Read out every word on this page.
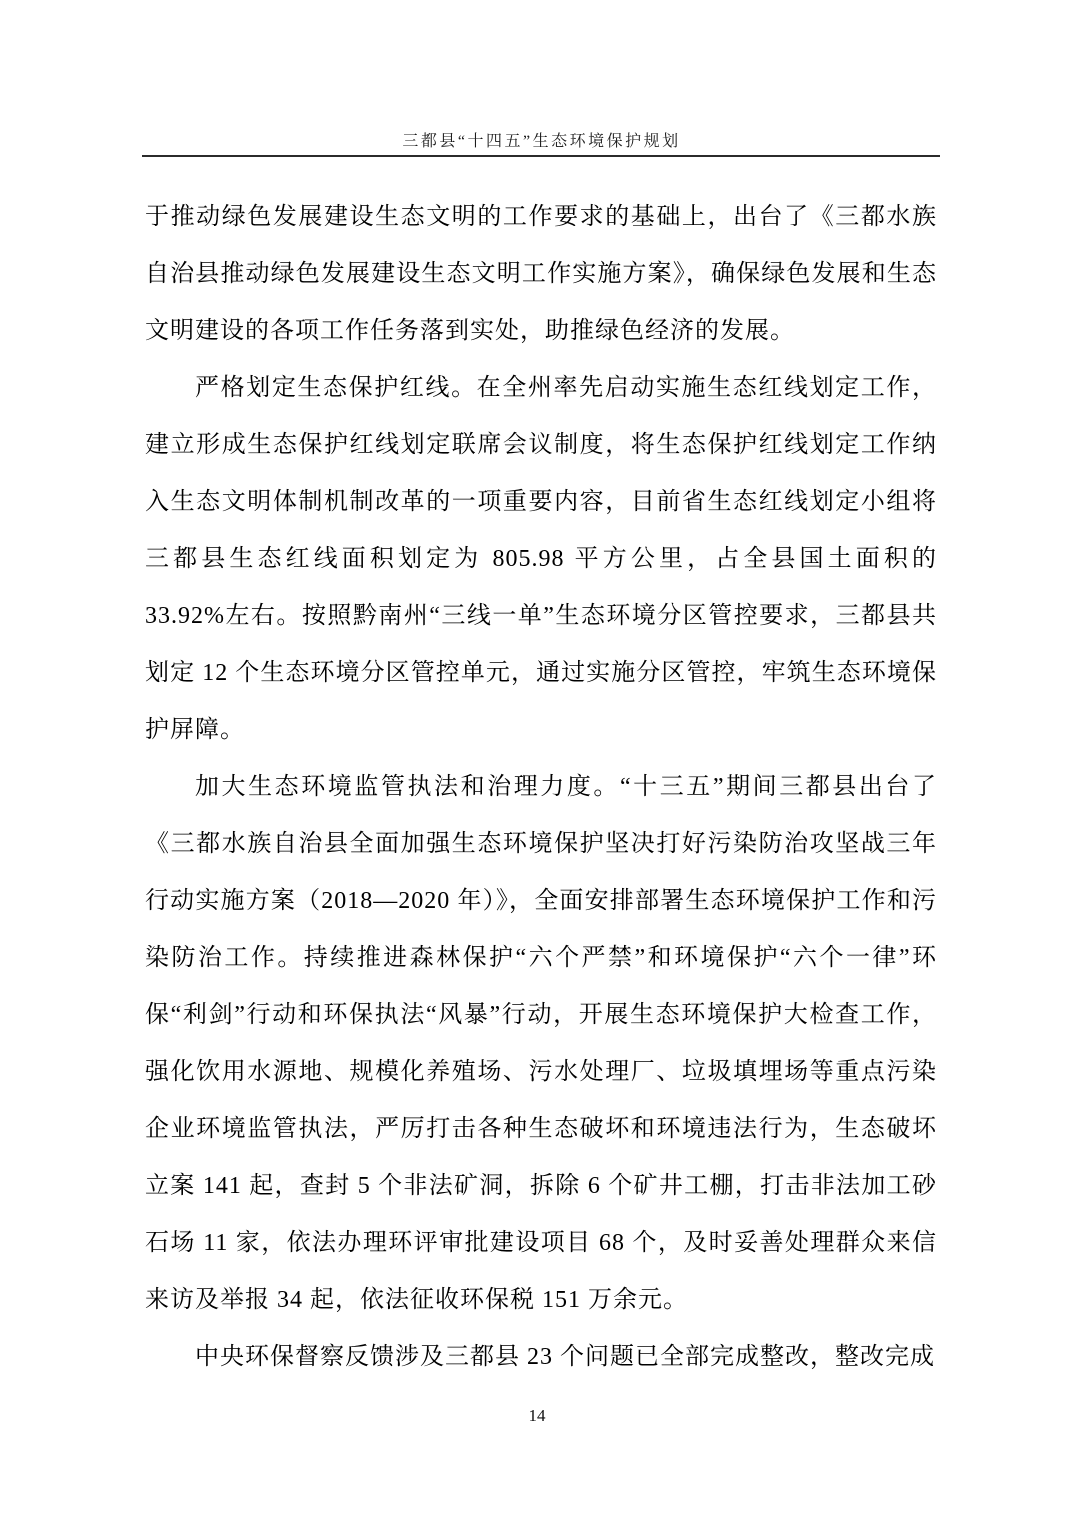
三都县“十四五”生态环境保护规划

于推动绿色发展建设生态文明的工作要求的基础上，出台了《三都水族自治县推动绿色发展建设生态文明工作实施方案》，确保绿色发展和生态文明建设的各项工作任务落到实处，助推绿色经济的发展。

严格划定生态保护红线。在全州率先启动实施生态红线划定工作，建立形成生态保护红线划定联席会议制度，将生态保护红线划定工作纳入生态文明体制机制改革的一项重要内容，目前省生态红线划定小组将三都县生态红线面积划定为 805.98 平方公里，占全县国土面积的 33.92%左右。按照黔南州“三线一单”生态环境分区管控要求，三都县共划定 12 个生态环境分区管控单元，通过实施分区管控，牢筑生态环境保护屏障。

加大生态环境监管执法和治理力度。“十三五”期间三都县出台了《三都水族自治县全面加强生态环境保护坚决打好污染防治攻坚战三年行动实施方案（2018—2020 年）》，全面安排部署生态环境保护工作和污染防治工作。持续推进森林保护“六个严禁”和环境保护“六个一律”环保“利剑”行动和环保执法“风暴”行动，开展生态环境保护大检查工作，强化饮用水源地、规模化养殖场、污水处理厂、垃圾填埋场等重点污染企业环境监管执法，严厉打击各种生态破坏和环境违法行为，生态破坏立案 141 起，查封 5 个非法矿洞，拆除 6 个矿井工棚，打击非法加工砂石场 11 家，依法办理环评审批建设项目 68 个，及时妥善处理群众来信来访及举报 34 起，依法征收环保税 151 万余元。

中央环保督察反馈涉及三都县 23 个问题已全部完成整改，整改完成

14
